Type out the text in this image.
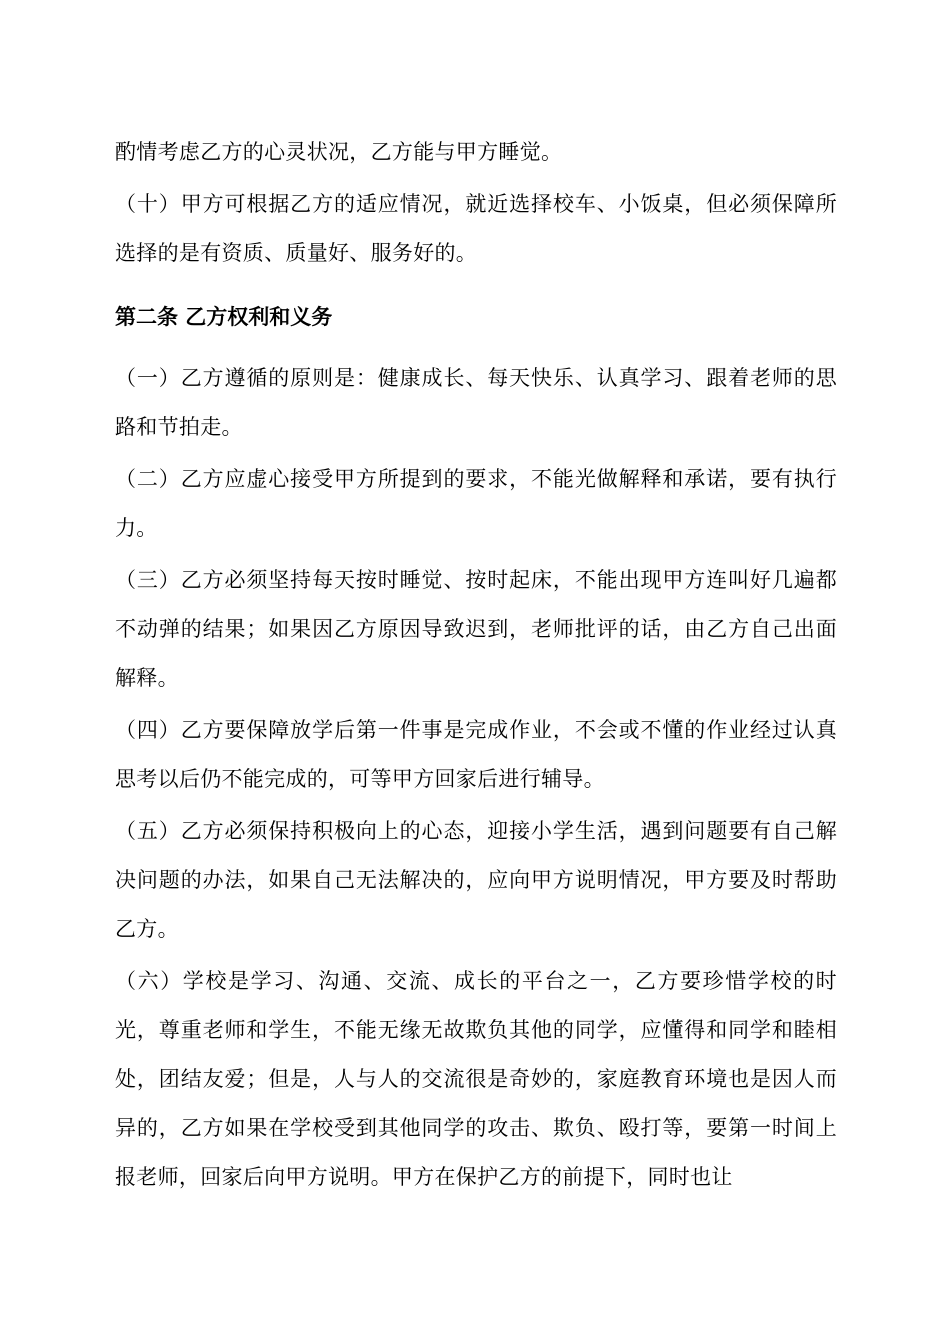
酌情考虑乙方的心灵状况，乙方能与甲方睡觉。

（十）甲方可根据乙方的适应情况，就近选择校车、小饭桌，但必须保障所选择的是有资质、质量好、服务好的。

第二条 乙方权利和义务

（一）乙方遵循的原则是：健康成长、每天快乐、认真学习、跟着老师的思路和节拍走。

（二）乙方应虚心接受甲方所提到的要求，不能光做解释和承诺，要有执行力。

（三）乙方必须坚持每天按时睡觉、按时起床，不能出现甲方连叫好几遍都不动弹的结果；如果因乙方原因导致迟到，老师批评的话，由乙方自己出面解释。

（四）乙方要保障放学后第一件事是完成作业，不会或不懂的作业经过认真思考以后仍不能完成的，可等甲方回家后进行辅导。

（五）乙方必须保持积极向上的心态，迎接小学生活，遇到问题要有自己解决问题的办法，如果自己无法解决的，应向甲方说明情况，甲方要及时帮助乙方。

（六）学校是学习、沟通、交流、成长的平台之一，乙方要珍惜学校的时光，尊重老师和学生，不能无缘无故欺负其他的同学，应懂得和同学和睦相处，团结友爱；但是，人与人的交流很是奇妙的，家庭教育环境也是因人而异的，乙方如果在学校受到其他同学的攻击、欺负、殴打等，要第一时间上报老师，回家后向甲方说明。甲方在保护乙方的前提下，同时也让
